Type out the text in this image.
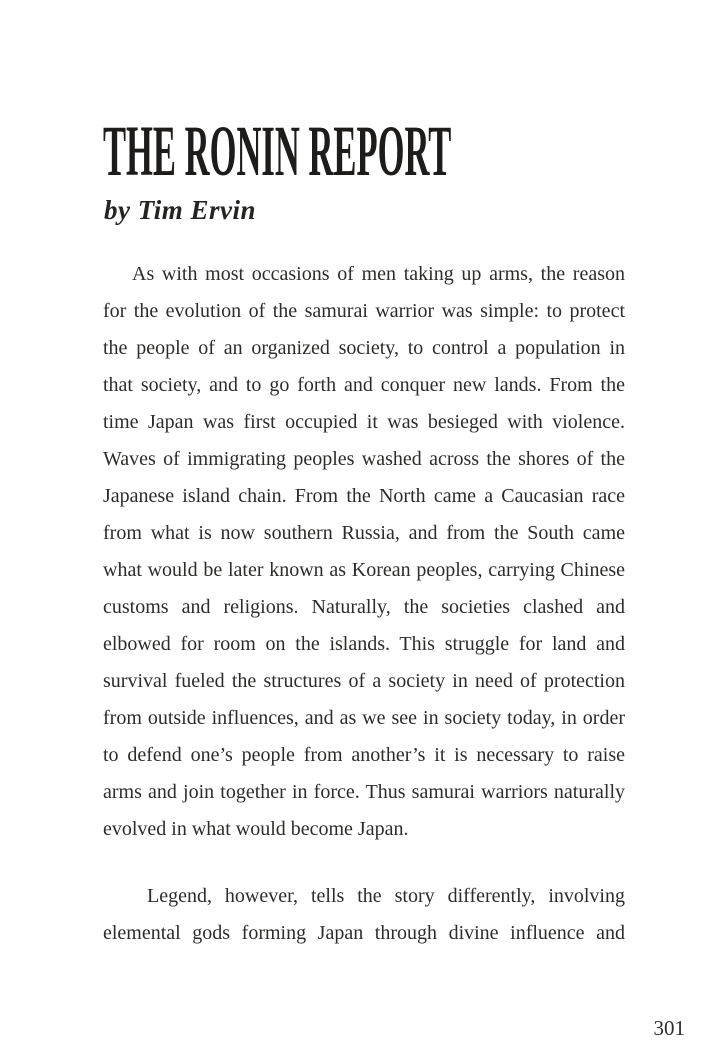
THE RONIN REPORT
by Tim Ervin
As with most occasions of men taking up arms, the reason
for the evolution of the samurai warrior was simple: to protect
the people of an organized society, to control a population in
that society, and to go forth and conquer new lands. From the
time Japan was first occupied it was besieged with violence.
Waves of immigrating peoples washed across the shores of the
Japanese island chain. From the North came a Caucasian race
from what is now southern Russia, and from the South came
what would be later known as Korean peoples, carrying Chinese
customs and religions. Naturally, the societies clashed and
elbowed for room on the islands. This struggle for land and
survival fueled the structures of a society in need of protection
from outside influences, and as we see in society today, in order
to defend one’s people from another’s it is necessary to raise
arms and join together in force. Thus samurai warriors naturally
evolved in what would become Japan.
Legend, however, tells the story differently, involving
elemental gods forming Japan through divine influence and
301
